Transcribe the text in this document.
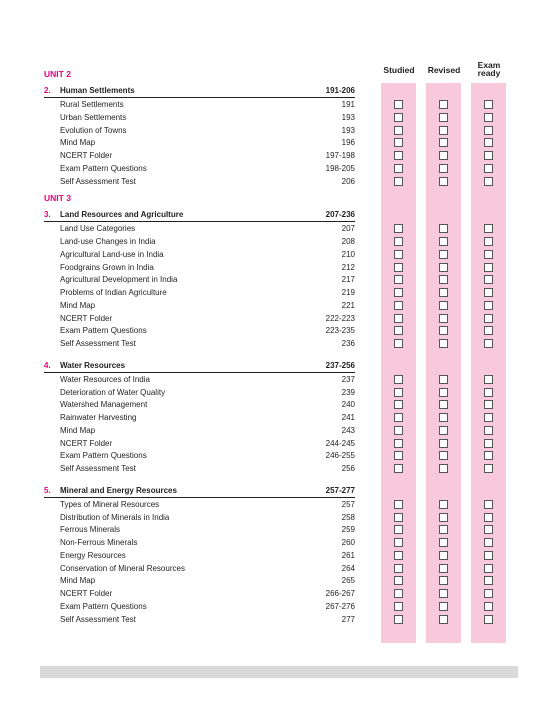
Studied	Revised	Exam ready
UNIT 2
2. Human Settlements	191-206
Rural Settlements	191
Urban Settlements	193
Evolution of Towns	193
Mind Map	196
NCERT Folder	197-198
Exam Pattern Questions	198-205
Self Assessment Test	206
UNIT 3
3. Land Resources and Agriculture	207-236
Land Use Categories	207
Land-use Changes in India	208
Agricultural Land-use in India	210
Foodgrains Grown in India	212
Agricultural Development in India	217
Problems of Indian Agriculture	219
Mind Map	221
NCERT Folder	222-223
Exam Pattern Questions	223-235
Self Assessment Test	236
4. Water Resources	237-256
Water Resources of India	237
Deterioration of Water Quality	239
Watershed Management	240
Rainwater Harvesting	241
Mind Map	243
NCERT Folder	244-245
Exam Pattern Questions	246-255
Self Assessment Test	256
5. Mineral and Energy Resources	257-277
Types of Mineral Resources	257
Distribution of Minerals in India	258
Ferrous Minerals	259
Non-Ferrous Minerals	260
Energy Resources	261
Conservation of Mineral Resources	264
Mind Map	265
NCERT Folder	266-267
Exam Pattern Questions	267-276
Self Assessment Test	277
